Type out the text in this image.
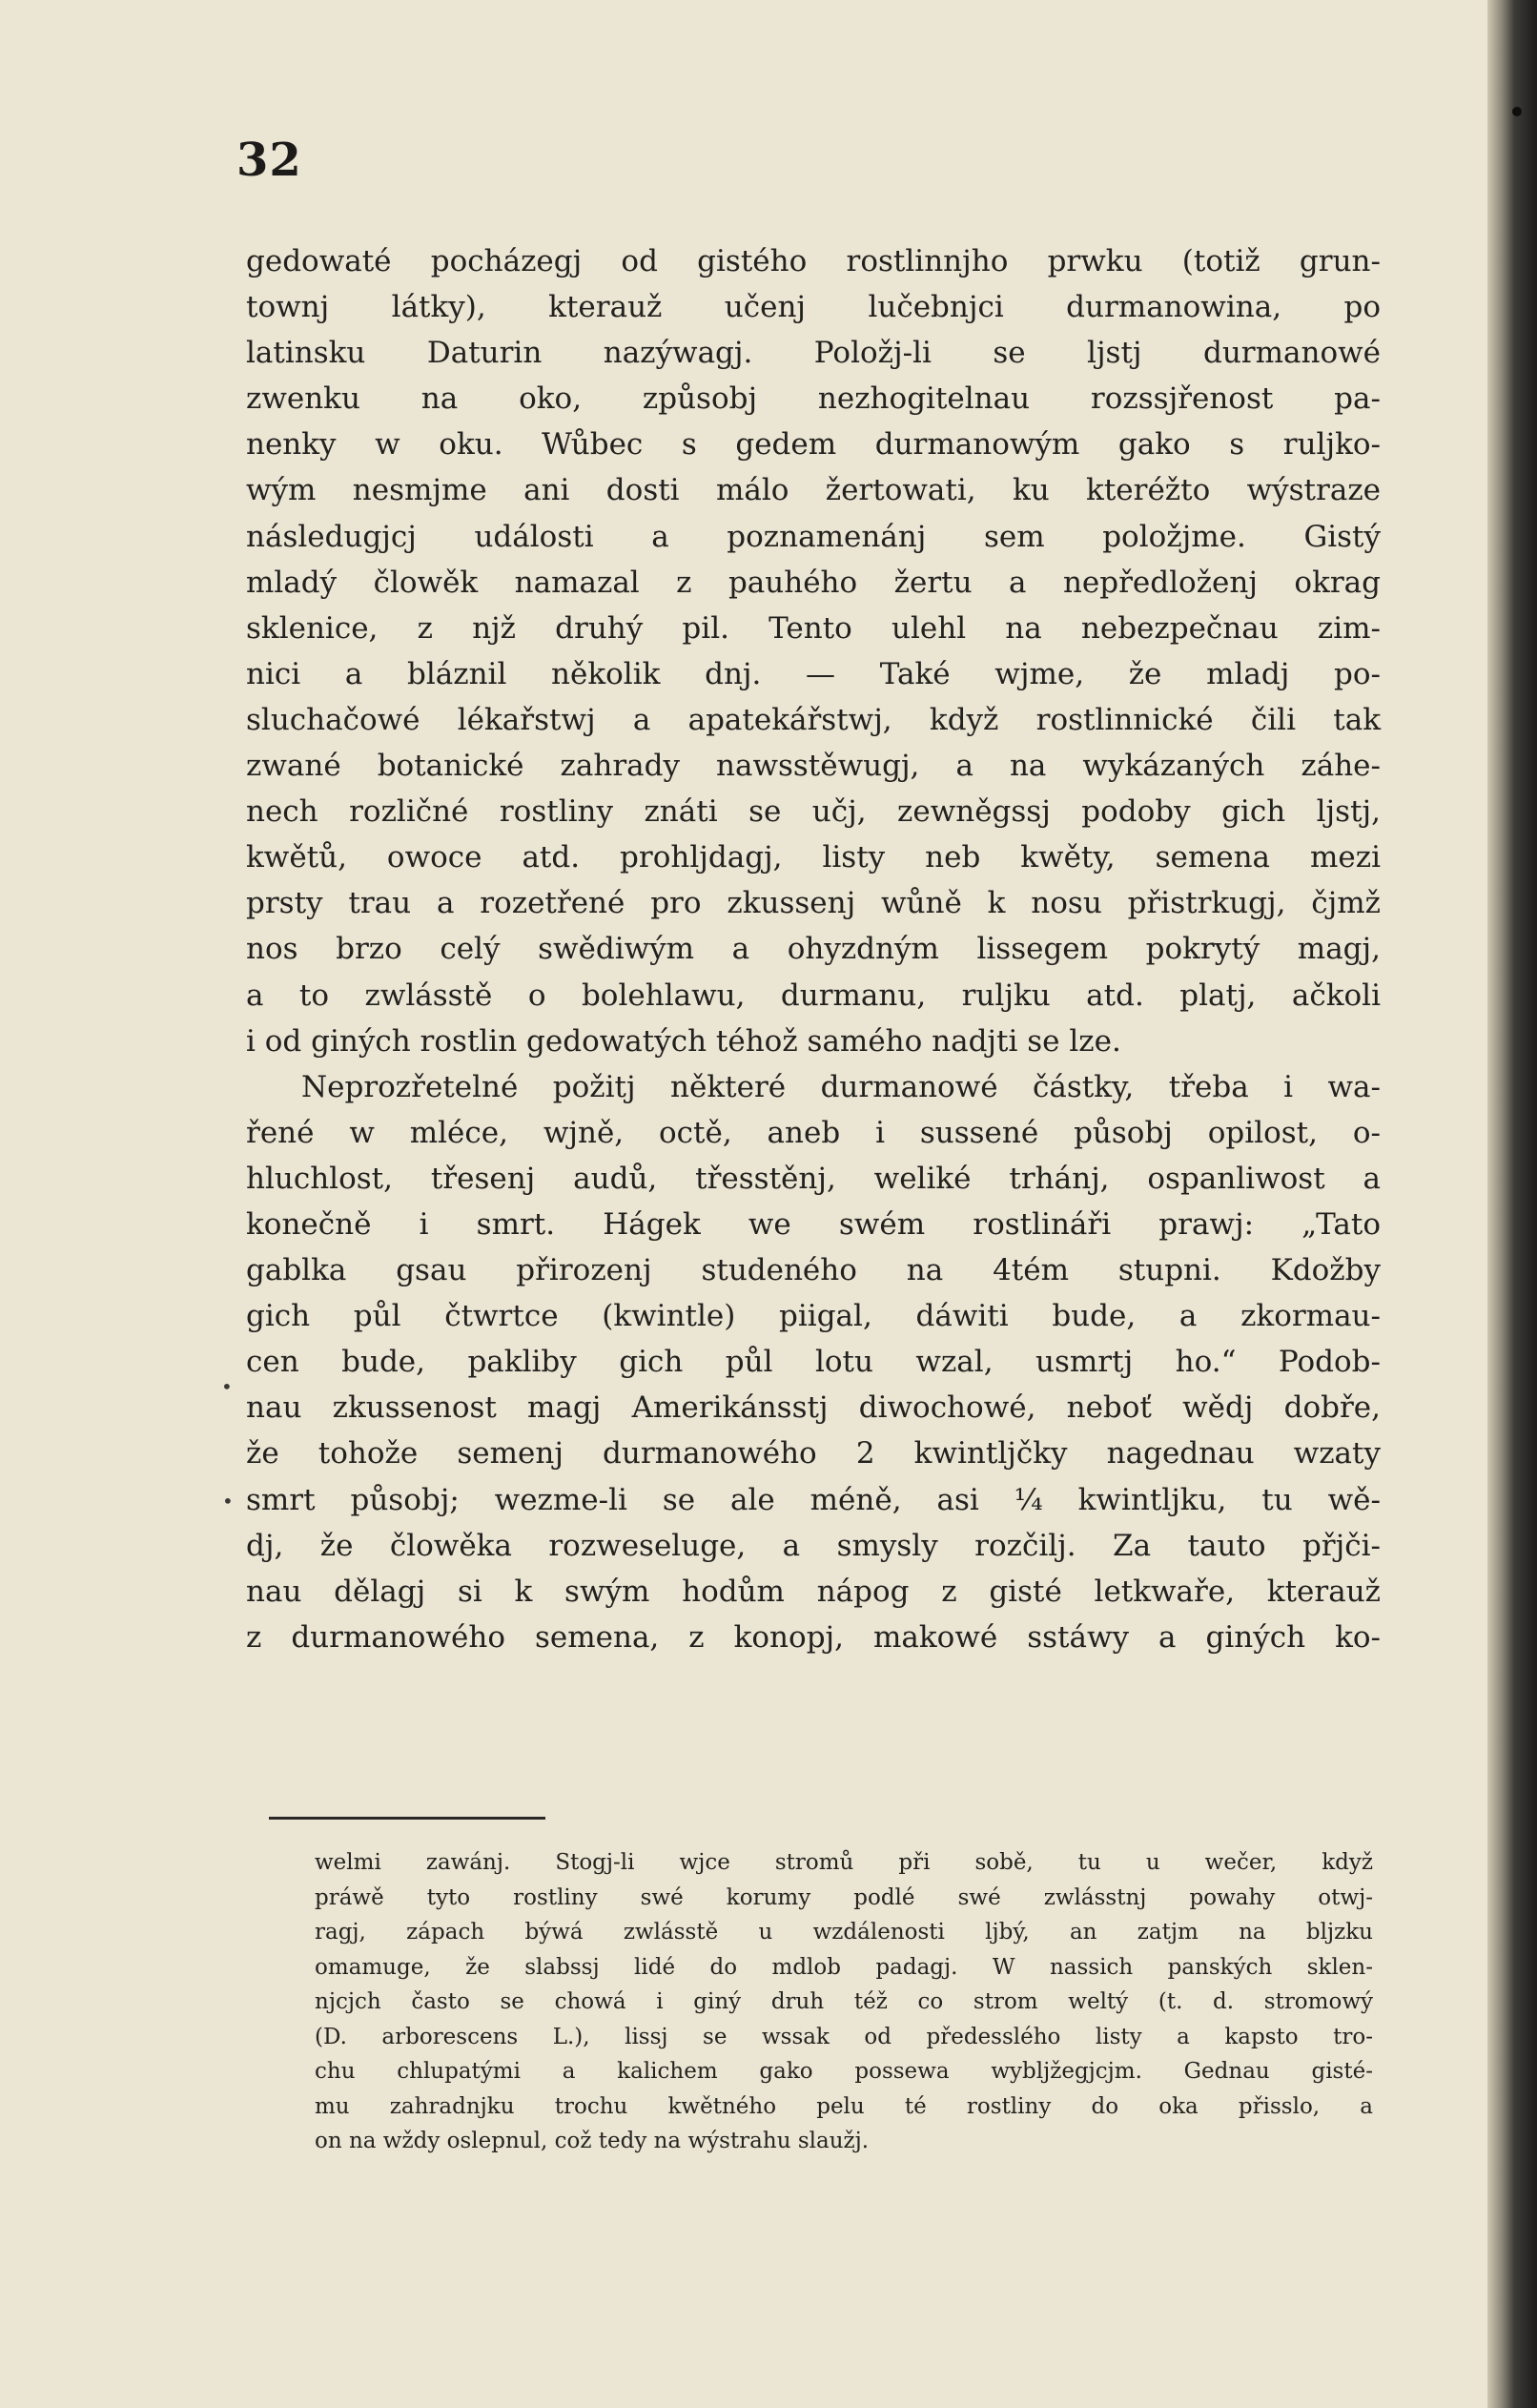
32
gedowaté pocházegj od gistého rostlinnjho prwku (totiž grun-
townj látky), kterauž učenj lučebnjci durmanowina, po
latinsku Daturin nazýwagj. Položj-li se ljstj durmanowé
zwenku na oko, způsobj nezhogitelnau rozssjřenost pa-
nenky w oku. Wůbec s gedem durmanowým gako s ruljko-
wým nesmjme ani dosti málo žertowati, ku kteréžto wýstraze
následugjcj události a poznamenánj sem položjme. Gistý
mladý člowěk namazal z pauhého žertu a nepředloženj okrag
sklenice, z njž druhý pil. Tento ulehl na nebezpečnau zim-
nici a bláznil několik dnj. — Také wjme, že mladj po-
sluchačowé lékařstwj a apatekářstwj, když rostlinnické čili tak
zwané botanické zahrady nawsstěwugj, a na wykázaných záhe-
nech rozličné rostliny znáti se učj, zewněgssj podoby gich ljstj,
kwětů, owoce atd. prohljdagj, listy neb kwěty, semena mezi
prsty trau a rozetřené pro zkussenj wůně k nosu přistrkugj, čjmž
nos brzo celý swědiwým a ohyzdným lissegem pokrytý magj,
a to zwlásstě o bolehlawu, durmanu, ruljku atd. platj, ačkoli
i od giných rostlin gedowatých téhož samého nadjti se lze.
Neprozřetelné požitj některé durmanowé částky, třeba i wa-
řené w mléce, wjně, octě, aneb i sussené působj opilost, o-
hluchlost, třesenj audů, třesstěnj, weliké trhánj, ospanliwost a
konečně i smrt. Hágek we swém rostlináři prawj: „Tato
gablka gsau přirozenj studeného na 4tém stupni. Kdožby
gich půl čtwrtce (kwintle) piigal, dáwiti bude, a zkormau-
cen bude, pakliby gich půl lotu wzal, usmrtj ho.“ Podob-
nau zkussenost magj Amerikánsstj diwochowé, neboť wědj dobře,
že tohože semenj durmanowého 2 kwintljčky nagednau wzaty
smrt působj; wezme-li se ale méně, asi ¼ kwintljku, tu wě-
dj, že člowěka rozweseluge, a smysly rozčilj. Za tauto přjči-
nau dělagj si k swým hodům nápog z gisté letkwaře, kterauž
z durmanowého semena, z konopj, makowé sstáwy a giných ko-
•
•
welmi zawánj. Stogj-li wjce stromů při sobě, tu u wečer, když
práwě tyto rostliny swé korumy podlé swé zwlásstnj powahy otwj-
ragj, zápach býwá zwlásstě u wzdálenosti ljbý, an zatjm na blјzku
omamuge, že slabssj lidé do mdlob padagj. W nassich panských sklen-
njcjch často se chowá i giný druh též co strom weltý (t. d. stromowý
(D. arborescens L.), lissj se wssak od předesslého listy a kapsto tro-
chu chlupatými a kalichem gako possewa wybljžegjcjm. Gednau gisté-
mu zahradnjku trochu kwětného pelu té rostliny do oka přisslo, a
on na wždy oslepnul, což tedy na wýstrahu slaužj.
